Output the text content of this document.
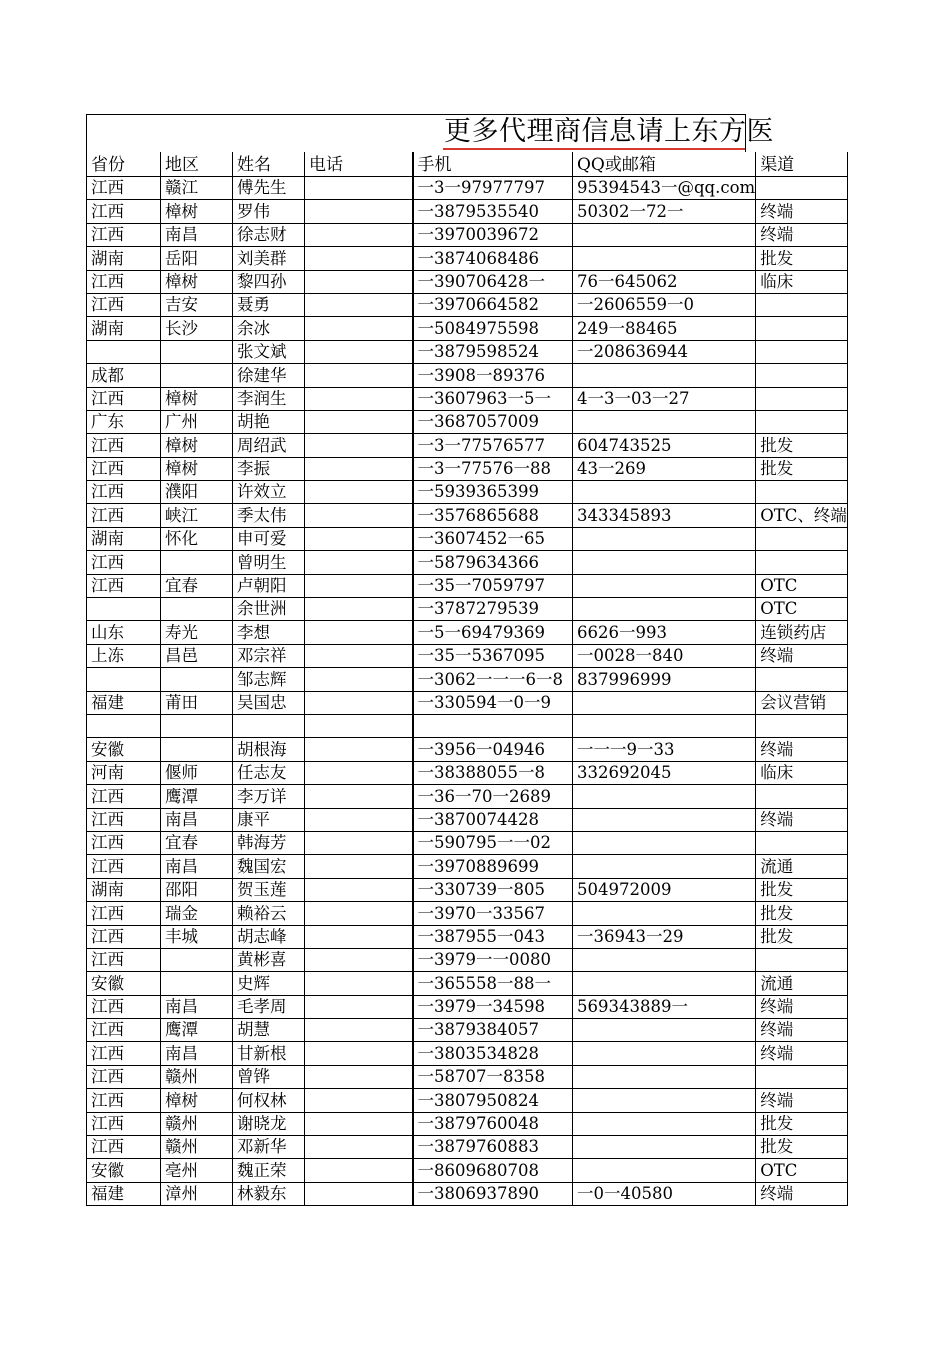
更多代理商信息请上东方医
省份	地区	姓名	电话	手机	QQ或邮箱	渠道
江西	赣江	傅先生		一3一97977797	95394543一@qq.com	
江西	樟树	罗伟		一3879535540	50302一72一	终端
江西	南昌	徐志财		一3970039672		终端
湖南	岳阳	刘美群		一3874068486		批发
江西	樟树	黎四孙		一390706428一	76一645062	临床
江西	吉安	聂勇		一3970664582	一2606559一0	
湖南	长沙	余冰		一5084975598	249一88465	
		张文斌		一3879598524	一208636944	
成都		徐建华		一3908一89376		
江西	樟树	李润生		一3607963一5一	4一3一03一27	
广东	广州	胡艳		一3687057009		
江西	樟树	周绍武		一3一77576577	604743525	批发
江西	樟树	李振		一3一77576一88	43一269	批发
江西	濮阳	许效立		一5939365399		
江西	峡江	季太伟		一3576865688	343345893	OTC、终端
湖南	怀化	申可爱		一3607452一65		
江西		曾明生		一5879634366		
江西	宜春	卢朝阳		一35一7059797		OTC
		余世洲		一3787279539		OTC
山东	寿光	李想		一5一69479369	6626一993	连锁药店
上冻	昌邑	邓宗祥		一35一5367095	一0028一840	终端
		邹志辉		一3062一一一6一8	837996999	
福建	莆田	吴国忠		一330594一0一9		会议营销

安徽		胡根海		一3956一04946	一一一9一33	终端
河南	偃师	任志友		一38388055一8	332692045	临床
江西	鹰潭	李万详		一36一70一2689		
江西	南昌	康平		一3870074428		终端
江西	宜春	韩海芳		一590795一一02		
江西	南昌	魏国宏		一3970889699		流通
湖南	邵阳	贺玉莲		一330739一805	504972009	批发
江西	瑞金	赖裕云		一3970一33567		批发
江西	丰城	胡志峰		一387955一043	一36943一29	批发
江西		黄彬喜		一3979一一0080		
安徽		史辉		一365558一88一		流通
江西	南昌	毛孝周		一3979一34598	569343889一	终端
江西	鹰潭	胡慧		一3879384057		终端
江西	南昌	甘新根		一3803534828		终端
江西	赣州	曾铧		一58707一8358		
江西	樟树	何权林		一3807950824		终端
江西	赣州	谢晓龙		一3879760048		批发
江西	赣州	邓新华		一3879760883		批发
安徽	亳州	魏正荣		一8609680708		OTC
福建	漳州	林毅东		一3806937890	一0一40580	终端
